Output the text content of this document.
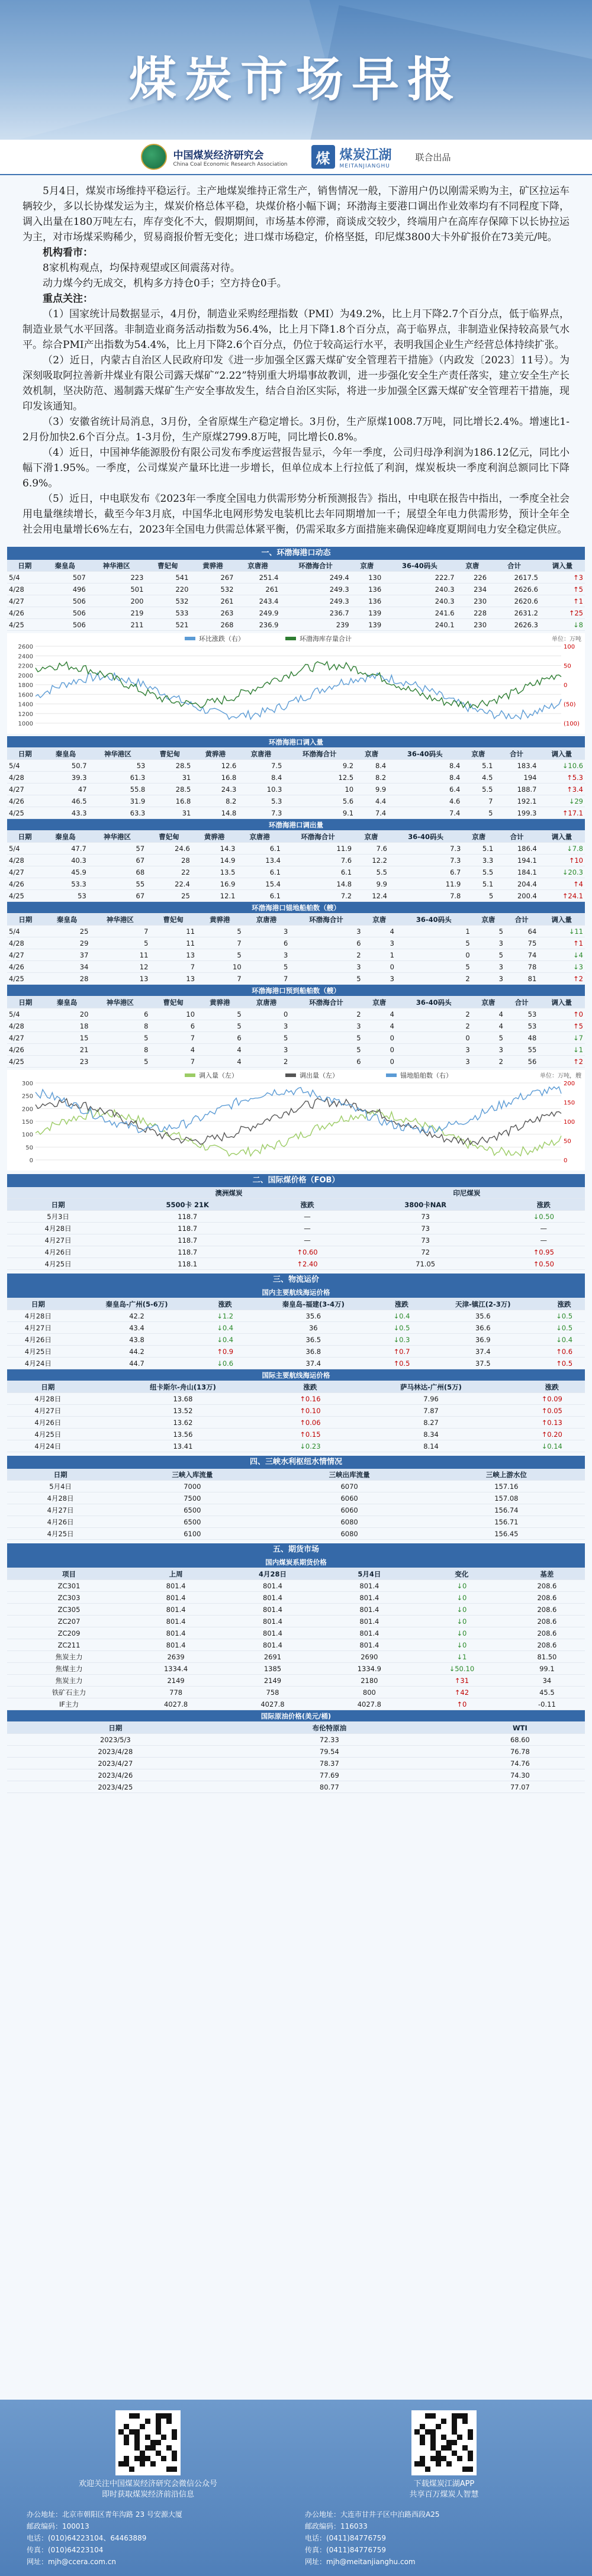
煤炭市场早报
中国煤炭经济研究会
China Coal Economic Research Association	煤 煤炭江湖
MEITANJIANGHU
联合出品

5月4日，煤炭市场维持平稳运行。主产地煤炭维持正常生产，销售情况一般，下游用户仍以刚需采购为主，矿区拉运车辆较少，多以长协煤发运为主，煤炭价格总体平稳，块煤价格小幅下调；环渤海主要港口调出作业效率均有不同程度下降，调入出量在180万吨左右，库存变化不大，假期期间，市场基本停滞，商谈成交较少，终端用户在高库存保障下以长协拉运为主，对市场煤采购稀少，贸易商报价暂无变化；进口煤市场稳定，价格坚挺，印尼煤3800大卡外矿报价在73美元/吨。

机构看市：

8家机构观点，均保持观望或区间震荡对待。

动力煤今约无成交，机构多方持仓0手；空方持仓0手。

重点关注：

（1）国家统计局数据显示，4月份，制造业采购经理指数（PMI）为49.2%，比上月下降2.7个百分点，低于临界点，制造业景气水平回落。非制造业商务活动指数为56.4%，比上月下降1.8个百分点，高于临界点，非制造业保持较高景气水平。综合PMI产出指数为54.4%，比上月下降2.6个百分点，仍位于较高运行水平，表明我国企业生产经营总体持续扩张。

（2）近日，内蒙古自治区人民政府印发《进一步加强全区露天煤矿安全管理若干措施》（内政发〔2023〕11号）。为深刻吸取阿拉善新井煤业有限公司露天煤矿“2.22”特别重大坍塌事故教训，进一步强化安全生产责任落实，建立安全生产长效机制，坚决防范、遏制露天煤矿生产安全事故发生，结合自治区实际，将进一步加强全区露天煤矿安全管理若干措施，现印发该通知。

（3）安徽省统计局消息，3月份，全省原煤生产稳定增长。3月份，生产原煤1008.7万吨，同比增长2.4%。增速比1-2月份加快2.6个百分点。1-3月份，生产原煤2799.8万吨，同比增长0.8%。

（4）近日，中国神华能源股份有限公司发布季度运营报告显示，今年一季度，公司归母净利润为186.12亿元，同比小幅下滑1.95%。一季度，公司煤炭产量环比进一步增长，但单位成本上行拉低了利润，煤炭板块一季度利润总额同比下降6.9%。

（5）近日，中电联发布《2023年一季度全国电力供需形势分析预测报告》指出，中电联在报告中指出，一季度全社会用电量继续增长，截至今年3月底，中国华北电网形势发电装机比去年同期增加一千；展望全年电力供需形势，预计全年全社会用电量增长6%左右，2023年全国电力供需总体紧平衡，仍需采取多方面措施来确保迎峰度夏期间电力安全稳定供应。

一、环渤海港口动态
日期	秦皇岛	神华港区	曹妃甸	黄骅港	京唐港	环渤海合计	京唐	36-40码头	京唐	合计	调入量
5/4	507	223	541	267	251.4	249.4	130	222.7	226	2617.5	↑3
4/28	496	501	220	532	261	249.3	136	240.3	234	2626.6	↑5
4/27	506	200	532	261	243.4	249.3	136	240.3	230	2620.6	↑1
4/26	506	219	533	263	249.9	236.7	139	241.6	228	2631.2	↑25
4/25	506	211	521	268	236.9	239	139	240.1	230	2626.3	↓8
环比涨跌（右）	环渤海库存量合计	单位：万吨
2600
2400
2200
2000
1800
1600
1400
1200
1000
100
50
0
(50)
(100)
环渤海港口调入量											
日期	秦皇岛	神华港区	曹妃甸	黄骅港	京唐港	环渤海合计	京唐	36-40码头	京唐	合计	调入量
5/4	50.7	53	28.5	12.6	7.5	9.2	8.4	8.4	5.1	183.4	↓10.6
4/28	39.3	61.3	31	16.8	8.4	12.5	8.2	8.4	4.5	194	↑5.3
4/27	47	55.8	28.5	24.3	10.3	10	9.9	6.4	5.5	188.7	↑3.4
4/26	46.5	31.9	16.8	8.2	5.3	5.6	4.4	4.6	7	192.1	↓29
4/25	43.3	63.3	31	14.8	7.3	9.1	7.4	7.4	5	199.3	↑17.1
环渤海港口调出量											
日期	秦皇岛	神华港区	曹妃甸	黄骅港	京唐港	环渤海合计	京唐	36-40码头	京唐	合计	调入量
5/4	47.7	57	24.6	14.3	6.1	11.9	7.6	7.3	5.1	186.4	↓7.8
4/28	40.3	67	28	14.9	13.4	7.6	12.2	7.3	3.3	194.1	↑10
4/27	45.9	68	22	13.5	6.1	6.1	5.5	6.7	5.5	184.1	↓20.3
4/26	53.3	55	22.4	16.9	15.4	14.8	9.9	11.9	5.1	204.4	↑4
4/25	53	67	25	12.1	6.1	7.2	12.4	7.8	5	200.4	↑24.1
环渤海港口锚地船舶数（艘）											
日期	秦皇岛	神华港区	曹妃甸	黄骅港	京唐港	环渤海合计	京唐	36-40码头	京唐	合计	调入量
5/4	25	7	11	5	3	3	4	1	5	64	↓11
4/28	29	5	11	7	6	6	3	5	3	75	↑1
4/27	37	11	13	5	3	2	1	0	5	74	↓4
4/26	34	12	7	10	5	3	0	5	3	78	↓3
4/25	28	13	13	7	7	5	3	2	3	81	↑2
环渤海港口预到船舶数（艘）											
日期	秦皇岛	神华港区	曹妃甸	黄骅港	京唐港	环渤海合计	京唐	36-40码头	京唐	合计	调入量
5/4	20	6	10	5	0	2	4	2	4	53	↑0
4/28	18	8	6	5	3	3	4	2	4	53	↑5
4/27	15	5	7	6	5	5	0	0	5	48	↓7
4/26	21	8	4	4	3	5	0	3	3	55	↓1
4/25	23	5	7	4	2	6	0	3	2	56	↑2
调入量（左）	调出量（左）	锚地船舶数（右）	单位：万吨，艘
300
250
200
150
100
50
0
200
150
100
50
0
二、国际煤价格（FOB）
	澳洲煤炭		印尼煤炭	
日期	5500卡 21K	涨跌	3800卡NAR	涨跌
5月3日	118.7	—	73	↓0.50
4月28日	118.7	—	73	—
4月27日	118.7	—	73	—
4月26日	118.7	↑0.60	72	↑0.95
4月25日	118.1	↑2.40	71.05	↑0.50
三、物流运价
国内主要航线海运价格						
日期	秦皇岛-广州(5-6万)	涨跌	秦皇岛-福建(3-4万)	涨跌	天津-镇江(2-3万)	涨跌
4月28日	42.2	↓1.2	35.6	↓0.4	35.6	↓0.5
4月27日	43.4	↓0.4	36	↓0.5	36.6	↓0.5
4月26日	43.8	↓0.4	36.5	↓0.3	36.9	↓0.4
4月25日	44.2	↑0.9	36.8	↑0.7	37.4	↑0.6
4月24日	44.7	↓0.6	37.4	↑0.5	37.5	↑0.5
国际主要航线海运价格				
日期	纽卡斯尔-舟山(13万)	涨跌	萨马林达-广州(5万)	涨跌
4月28日	13.68	↑0.16	7.96	↑0.09
4月27日	13.52	↑0.10	7.87	↑0.05
4月26日	13.62	↑0.06	8.27	↑0.13
4月25日	13.56	↑0.15	8.34	↑0.20
4月24日	13.41	↓0.23	8.14	↓0.14
四、三峡水利枢纽水情情况
日期	三峡入库流量	三峡出库流量	三峡上游水位
5月4日	7000	6070	157.16
4月28日	7500	6060	157.08
4月27日	6500	6060	156.74
4月26日	6500	6080	156.71
4月25日	6100	6080	156.45
五、期货市场
国内煤炭系期货价格					
项目	上周	4月28日	5月4日	变化	基差
ZC301	801.4	801.4	801.4	↓0	208.6
ZC303	801.4	801.4	801.4	↓0	208.6
ZC305	801.4	801.4	801.4	↓0	208.6
ZC207	801.4	801.4	801.4	↓0	208.6
ZC209	801.4	801.4	801.4	↓0	208.6
ZC211	801.4	801.4	801.4	↓0	208.6
焦炭主力	2639	2691	2690	↓1	81.50
焦煤主力	1334.4	1385	1334.9	↓50.10	99.1
焦炭主力	2149	2149	2180	↑31	34
铁矿石主力	778	758	800	↑42	45.5
IF主力	4027.8	4027.8	4027.8	↑0	-0.11
国际原油价格(美元/桶)			
日期	布伦特原油		WTI
2023/5/3	72.33		68.60
2023/4/28	79.54		76.78
2023/4/27	78.37		74.76
2023/4/26	77.69		74.30
2023/4/25	80.77		77.07
欢迎关注中国煤炭经济研究会微信公众号
即时获取煤炭经济前沿信息
下载煤炭江湖APP
共享百万煤炭人智慧
办公地址：北京市朝阳区青年沟路 23 号安源大厦
邮政编码：100013
电话：(010)64223104、64463889
传真：(010)64223104
网址：mjh@ccera.com.cn
办公地址：大连市甘井子区中泊路西段A25
邮政编码：116033
电话：(0411)84776759
传真：(0411)84776759
网址：mjh@meitanjianghu.com
